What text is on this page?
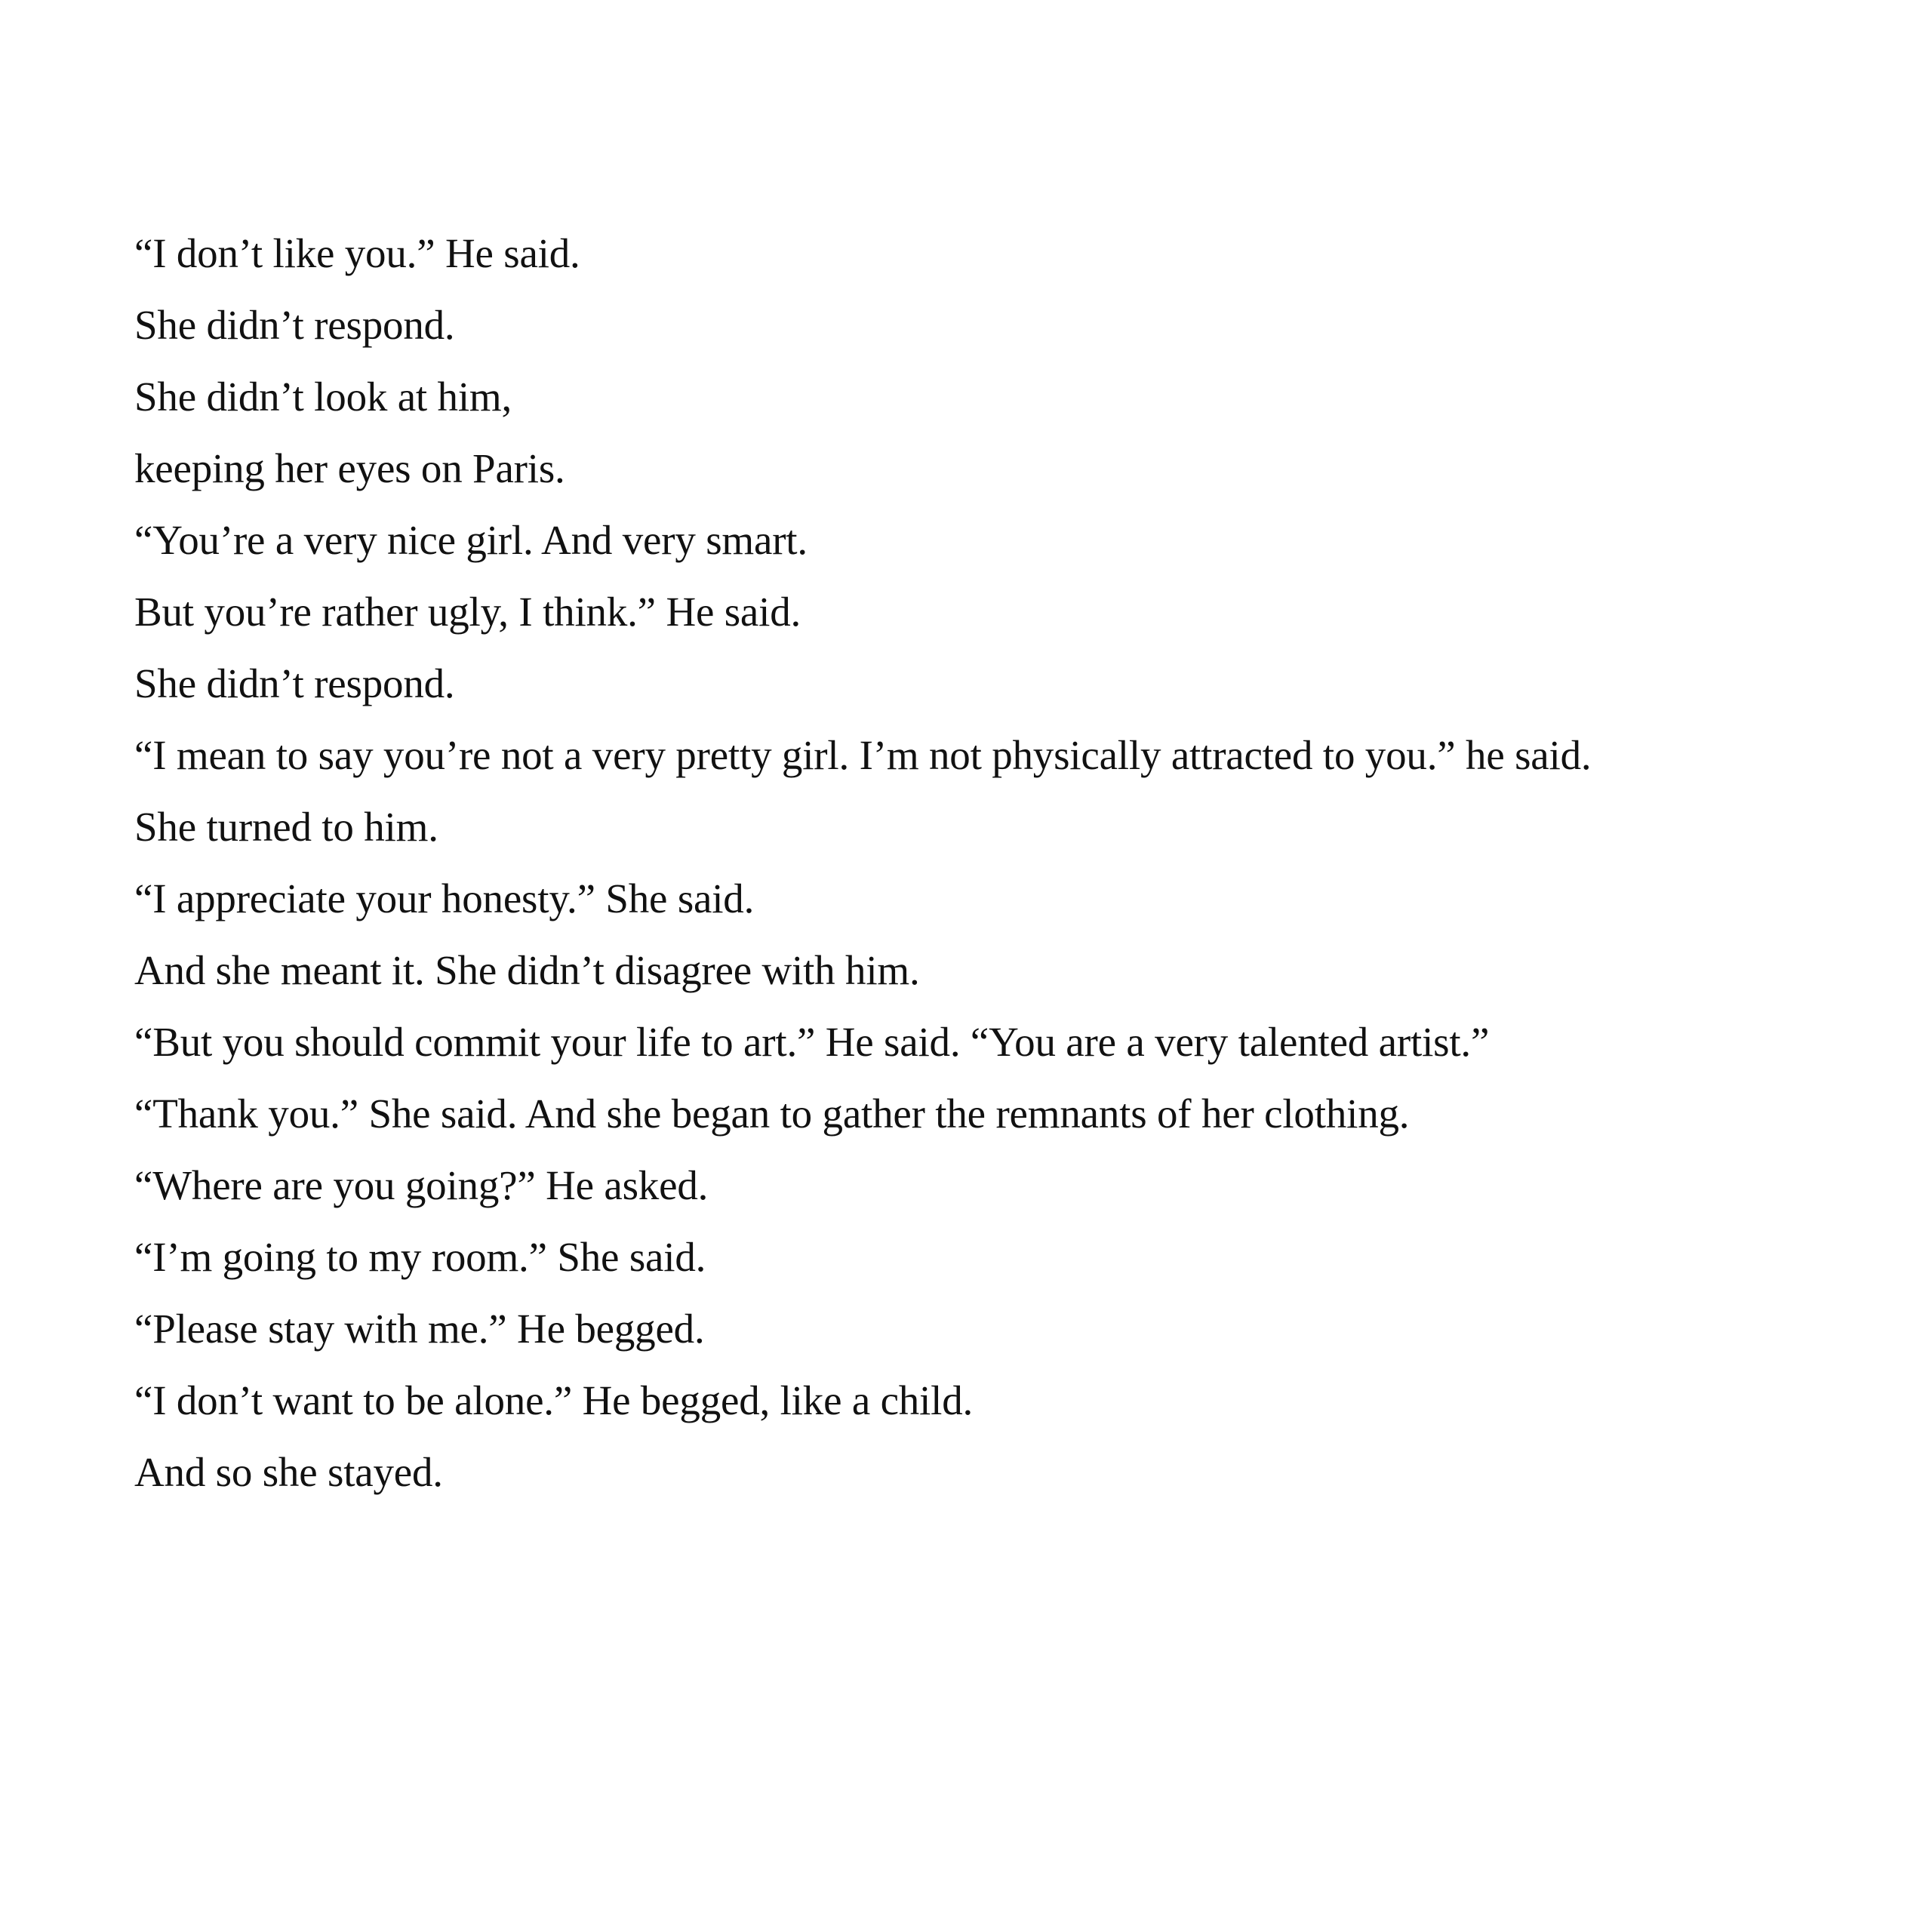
“I don’t like you.” He said.
She didn’t respond.
She didn’t look at him,
keeping her eyes on Paris.
“You’re a very nice girl. And very smart.
But you’re rather ugly, I think.” He said.
She didn’t respond.
“I mean to say you’re not a very pretty girl. I’m not physically attracted to you.” he said.
She turned to him.
“I appreciate your honesty.” She said.
And she meant it. She didn’t disagree with him.
“But you should commit your life to art.” He said. “You are a very talented artist.”
“Thank you.” She said. And she began to gather the remnants of her clothing.
“Where are you going?” He asked.
“I’m going to my room.” She said.
“Please stay with me.” He begged.
“I don’t want to be alone.” He begged, like a child.
And so she stayed.
